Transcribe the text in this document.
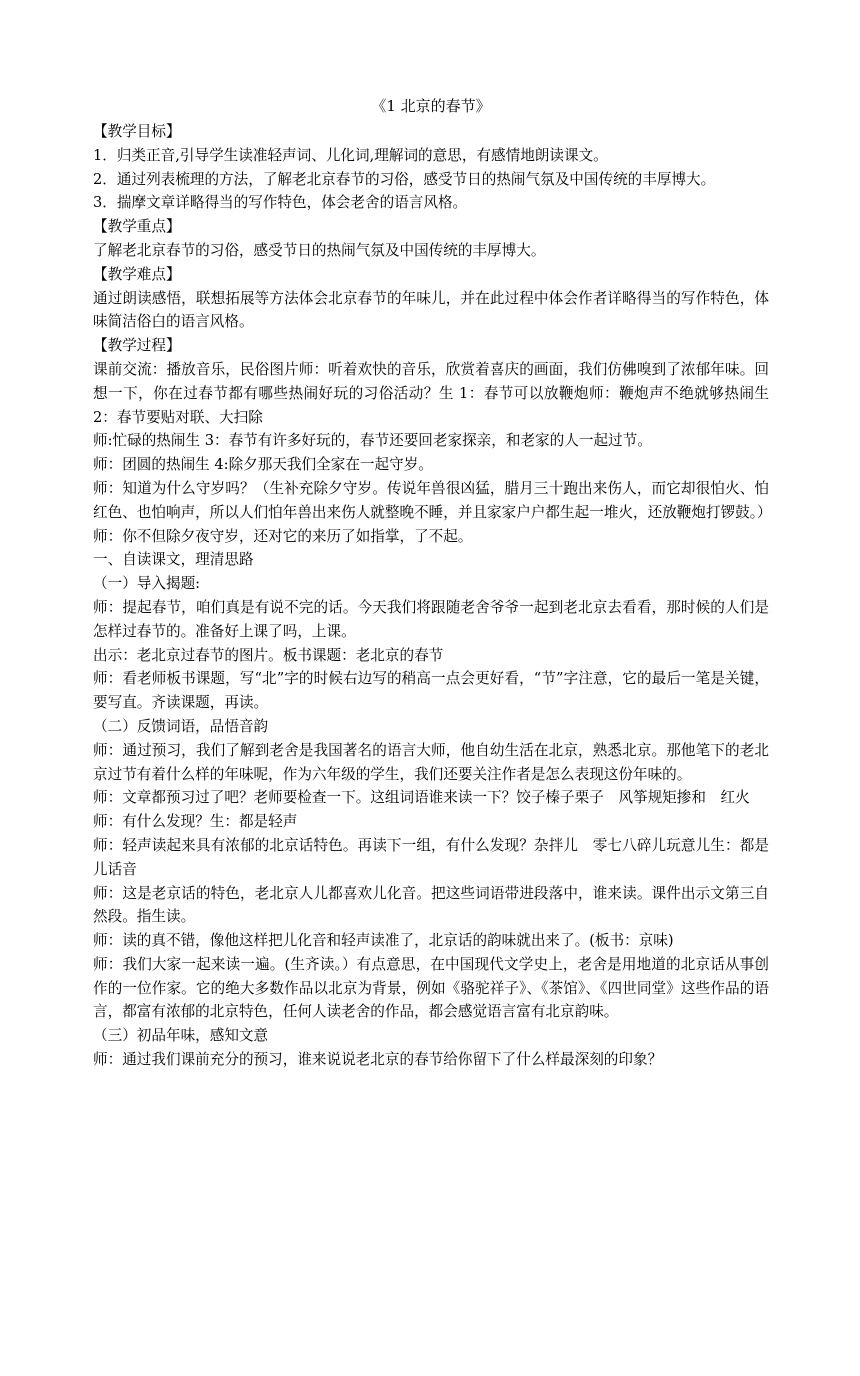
《1 北京的春节》

【教学目标】

1．归类正音,引导学生读准轻声词、儿化词,理解词的意思，有感情地朗读课文。

2．通过列表梳理的方法，了解老北京春节的习俗，感受节日的热闹气氛及中国传统的丰厚博大。

3．揣摩文章详略得当的写作特色，体会老舍的语言风格。

【教学重点】

了解老北京春节的习俗，感受节日的热闹气氛及中国传统的丰厚博大。

【教学难点】

通过朗读感悟，联想拓展等方法体会北京春节的年味儿，并在此过程中体会作者详略得当的写作特色，体味简洁俗白的语言风格。

【教学过程】

课前交流：播放音乐，民俗图片师：听着欢快的音乐，欣赏着喜庆的画面，我们仿佛嗅到了浓郁年味。回想一下，你在过春节都有哪些热闹好玩的习俗活动？生 1：春节可以放鞭炮师：鞭炮声不绝就够热闹生 2：春节要贴对联、大扫除

师:忙碌的热闹生 3：春节有许多好玩的，春节还要回老家探亲，和老家的人一起过节。

师：团圆的热闹生 4:除夕那天我们全家在一起守岁。

师：知道为什么守岁吗？（生补充除夕守岁。传说年兽很凶猛，腊月三十跑出来伤人，而它却很怕火、怕红色、也怕响声，所以人们怕年兽出来伤人就整晚不睡，并且家家户户都生起一堆火，还放鞭炮打锣鼓。）

师：你不但除夕夜守岁，还对它的来历了如指掌，了不起。

一、自读课文，理清思路

（一）导入揭题:

师：提起春节，咱们真是有说不完的话。今天我们将跟随老舍爷爷一起到老北京去看看，那时候的人们是怎样过春节的。准备好上课了吗，上课。

出示：老北京过春节的图片。板书课题：老北京的春节

师：看老师板书课题，写“北”字的时候右边写的稍高一点会更好看，“节”字注意，它的最后一笔是关键，要写直。齐读课题，再读。

（二）反馈词语，品悟音韵

师：通过预习，我们了解到老舍是我国著名的语言大师，他自幼生活在北京，熟悉北京。那他笔下的老北京过节有着什么样的年味呢，作为六年级的学生，我们还要关注作者是怎么表现这份年味的。

师：文章都预习过了吧？老师要检查一下。这组词语谁来读一下？饺子榛子栗子　风筝规矩掺和　红火

师：有什么发现？生：都是轻声

师：轻声读起来具有浓郁的北京话特色。再读下一组，有什么发现？杂拌儿　零七八碎儿玩意儿生：都是儿话音

师：这是老京话的特色，老北京人儿都喜欢儿化音。把这些词语带进段落中，谁来读。课件出示文第三自然段。指生读。

师：读的真不错，像他这样把儿化音和轻声读准了，北京话的韵味就出来了。(板书：京味)

师：我们大家一起来读一遍。(生齐读。）有点意思，在中国现代文学史上，老舍是用地道的北京话从事创作的一位作家。它的绝大多数作品以北京为背景，例如《骆驼祥子》、《茶馆》、《四世同堂》这些作品的语言，都富有浓郁的北京特色，任何人读老舍的作品，都会感觉语言富有北京韵味。

（三）初品年味，感知文意

师：通过我们课前充分的预习，谁来说说老北京的春节给你留下了什么样最深刻的印象？
